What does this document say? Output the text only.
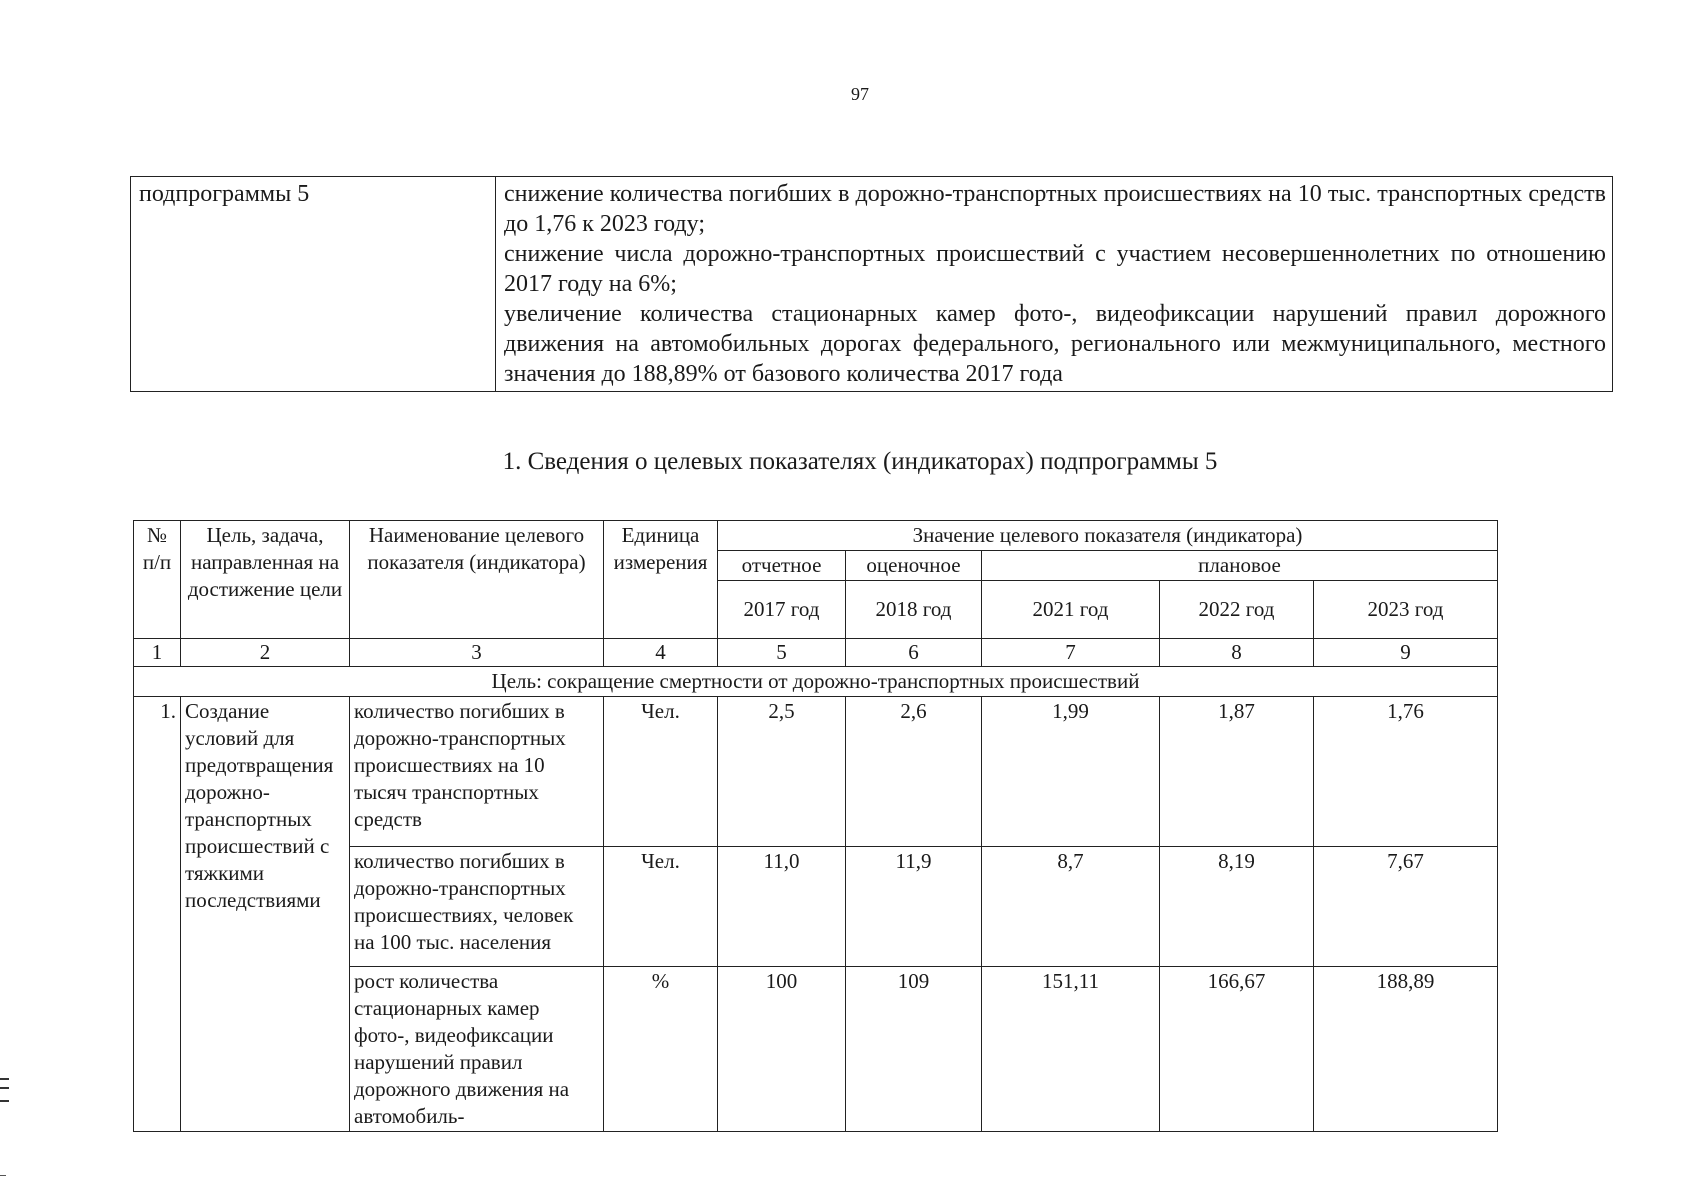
97
подпрограммы 5	снижение количества погибших в дорожно-транспортных происшествиях на 10 тыс. транспортных средств до 1,76 к 2023 году;
снижение числа дорожно-транспортных происшествий с участием несовершеннолетних по отношению 2017 году на 6%;
увеличение количества стационарных камер фото-, видеофиксации нарушений правил дорожного движения на автомобильных дорогах федерального, регионального или межмуниципального, местного значения до 188,89% от базового количества 2017 года
1. Сведения о целевых показателях (индикаторах) подпрограммы 5
№ п/п	Цель, задача, направленная на достижение цели	Наименование целевого показателя (индикатора)	Единица измерения	Значение целевого показателя (индикатора)				
				отчетное	оценочное	плановое		
				2017 год	2018 год	2021 год	2022 год	2023 год
1	2	3	4	5	6	7	8	9
Цель: сокращение смертности от дорожно-транспортных происшествий								
1.	Создание условий для предотвращения дорожно-транспортных происшествий с тяжкими последствиями	количество погибших в дорожно-транспортных происшествиях на 10 тысяч транспортных средств	Чел.	2,5	2,6	1,99	1,87	1,76
		количество погибших в дорожно-транспортных происшествиях, человек на 100 тыс. населения	Чел.	11,0	11,9	8,7	8,19	7,67
		рост количества стационарных камер фото-, видеофиксации нарушений правил дорожного движения на автомобиль-	%	100	109	151,11	166,67	188,89
